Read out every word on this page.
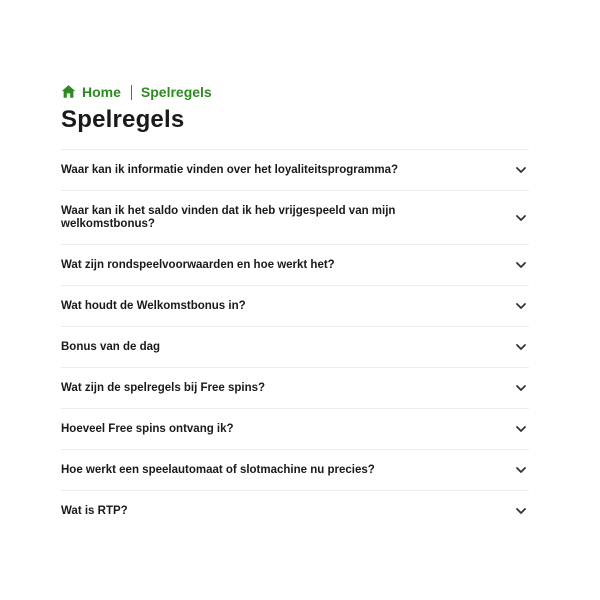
Home Spelregels
Spelregels
Waar kan ik informatie vinden over het loyaliteitsprogramma?
Waar kan ik het saldo vinden dat ik heb vrijgespeeld van mijn welkomstbonus?
Wat zijn rondspeelvoorwaarden en hoe werkt het?
Wat houdt de Welkomstbonus in?
Bonus van de dag
Wat zijn de spelregels bij Free spins?
Hoeveel Free spins ontvang ik?
Hoe werkt een speelautomaat of slotmachine nu precies?
Wat is RTP?
